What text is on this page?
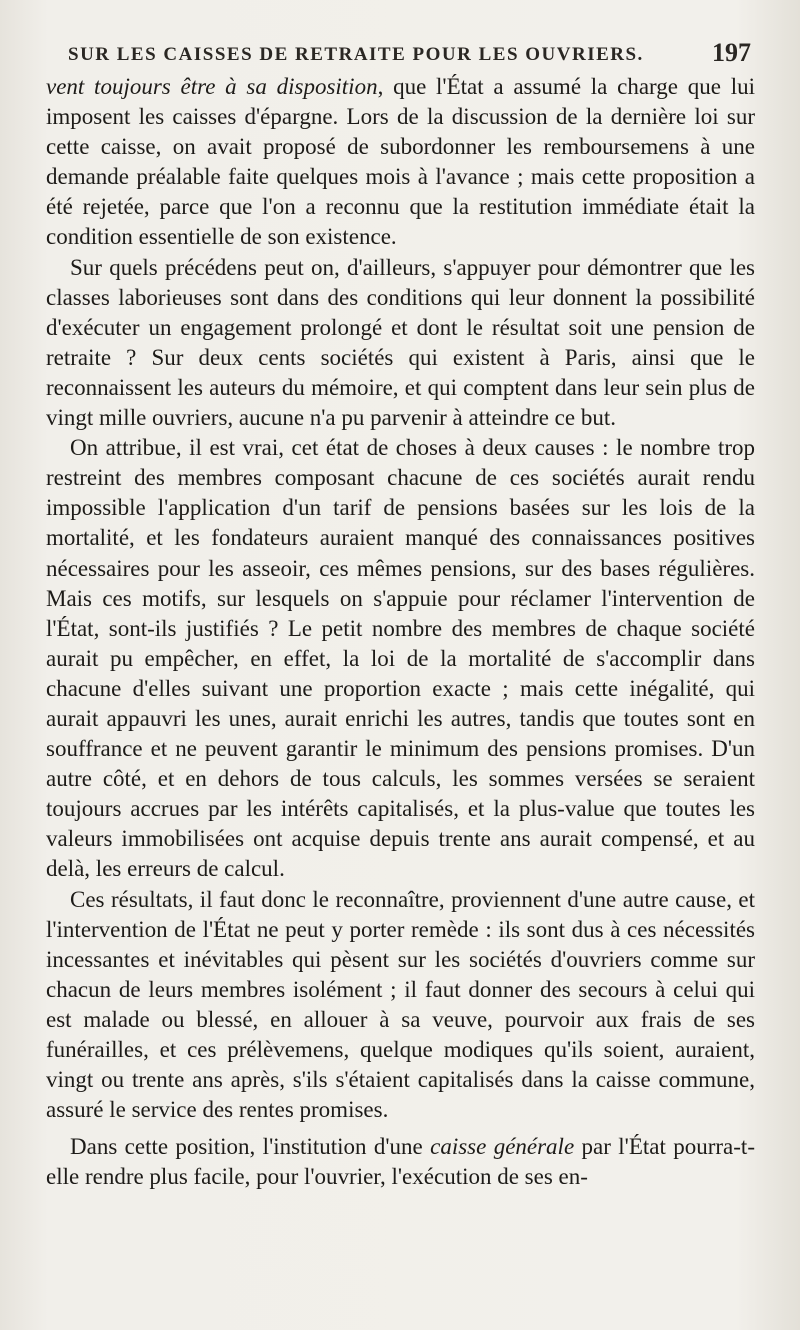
SUR LES CAISSES DE RETRAITE POUR LES OUVRIERS.	197

vent toujours être à sa disposition, que l'État a assumé la charge que lui imposent les caisses d'épargne. Lors de la discussion de la dernière loi sur cette caisse, on avait proposé de subordonner les remboursemens à une demande préalable faite quelques mois à l'avance ; mais cette proposition a été rejetée, parce que l'on a reconnu que la restitution immédiate était la condition essentielle de son existence.

Sur quels précédens peut on, d'ailleurs, s'appuyer pour démontrer que les classes laborieuses sont dans des conditions qui leur donnent la possibilité d'exécuter un engagement prolongé et dont le résultat soit une pension de retraite ? Sur deux cents sociétés qui existent à Paris, ainsi que le reconnaissent les auteurs du mémoire, et qui comptent dans leur sein plus de vingt mille ouvriers, aucune n'a pu parvenir à atteindre ce but.

On attribue, il est vrai, cet état de choses à deux causes : le nombre trop restreint des membres composant chacune de ces sociétés aurait rendu impossible l'application d'un tarif de pensions basées sur les lois de la mortalité, et les fondateurs auraient manqué des connaissances positives nécessaires pour les asseoir, ces mêmes pensions, sur des bases régulières. Mais ces motifs, sur lesquels on s'appuie pour réclamer l'intervention de l'État, sont-ils justifiés ? Le petit nombre des membres de chaque société aurait pu empêcher, en effet, la loi de la mortalité de s'accomplir dans chacune d'elles suivant une proportion exacte ; mais cette inégalité, qui aurait appauvri les unes, aurait enrichi les autres, tandis que toutes sont en souffrance et ne peuvent garantir le minimum des pensions promises. D'un autre côté, et en dehors de tous calculs, les sommes versées se seraient toujours accrues par les intérêts capitalisés, et la plus-value que toutes les valeurs immobilisées ont acquise depuis trente ans aurait compensé, et au delà, les erreurs de calcul.

Ces résultats, il faut donc le reconnaître, proviennent d'une autre cause, et l'intervention de l'État ne peut y porter remède : ils sont dus à ces nécessités incessantes et inévitables qui pèsent sur les sociétés d'ouvriers comme sur chacun de leurs membres isolément ; il faut donner des secours à celui qui est malade ou blessé, en allouer à sa veuve, pourvoir aux frais de ses funérailles, et ces prélèvemens, quelque modiques qu'ils soient, auraient, vingt ou trente ans après, s'ils s'étaient capitalisés dans la caisse commune, assuré le service des rentes promises.

Dans cette position, l'institution d'une caisse générale par l'État pourra-t-elle rendre plus facile, pour l'ouvrier, l'exécution de ses en-
